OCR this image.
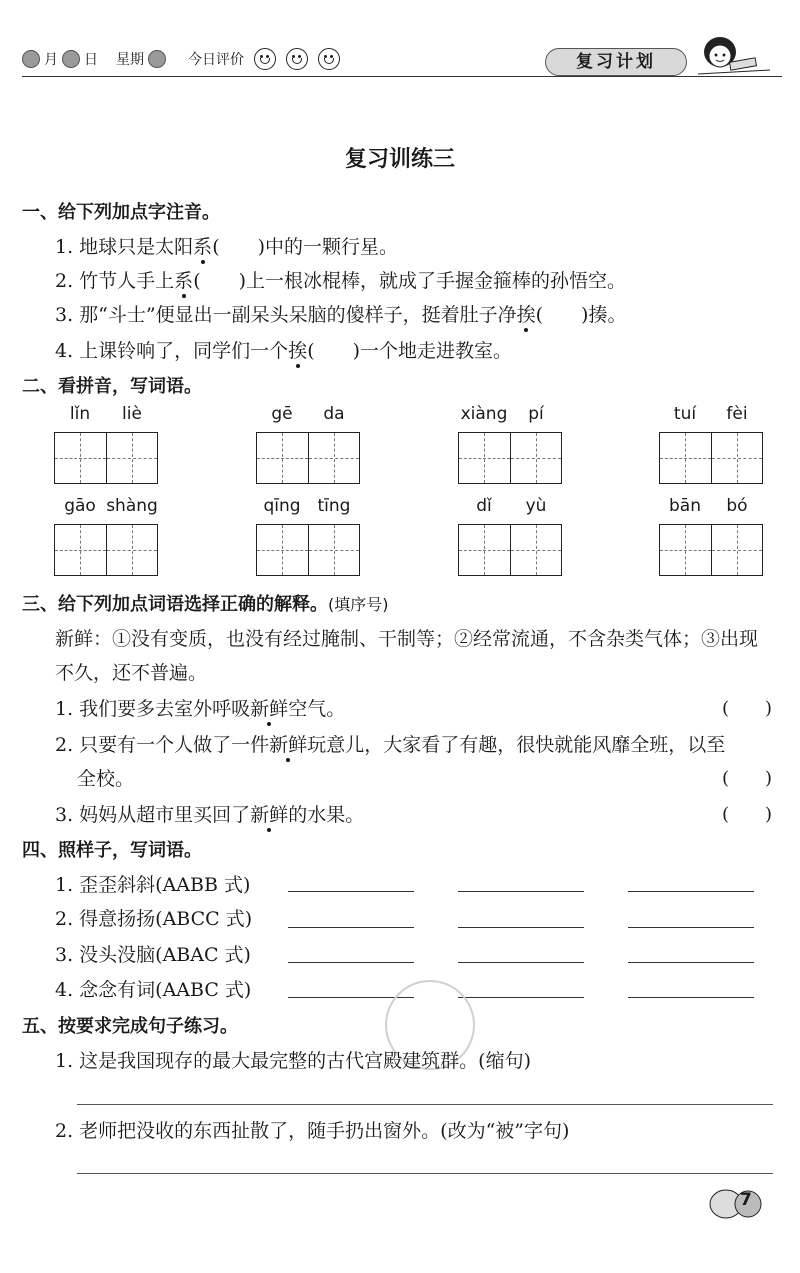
月 日 星期	今日评价	复习计划
复习训练三
一、给下列加点字注音。
1. 地球只是太阳系(　　)中的一颗行星。
2. 竹节人手上系(　　)上一根冰棍棒，就成了手握金箍棒的孙悟空。
3. 那“斗士”便显出一副呆头呆脑的傻样子，挺着肚子净挨(　　)揍。
4. 上课铃响了，同学们一个挨(　　)一个地走进教室。
二、看拼音，写词语。
lǐn	liè	gē	da	xiàng	pí	tuí	fèi
gāo shàng	qīng tīng	dǐ	yù	bān	bó
三、给下列加点词语选择正确的解释。(填序号)
新鲜：①没有变质，也没有经过腌制、干制等；②经常流通，不含杂类气体；③出现
不久，还不普遍。
1. 我们要多去室外呼吸新鲜空气。	(　　)
2. 只要有一个人做了一件新鲜玩意儿，大家看了有趣，很快就能风靡全班，以至
全校。	(　　)
3. 妈妈从超市里买回了新鲜的水果。	(　　)
四、照样子，写词语。
1. 歪歪斜斜(AABB 式)
2. 得意扬扬(ABCC 式)
3. 没头没脑(ABAC 式)
4. 念念有词(AABC 式)
五、按要求完成句子练习。
1. 这是我国现存的最大最完整的古代宫殿建筑群。(缩句)
2. 老师把没收的东西扯散了，随手扔出窗外。(改为“被”字句)
7
